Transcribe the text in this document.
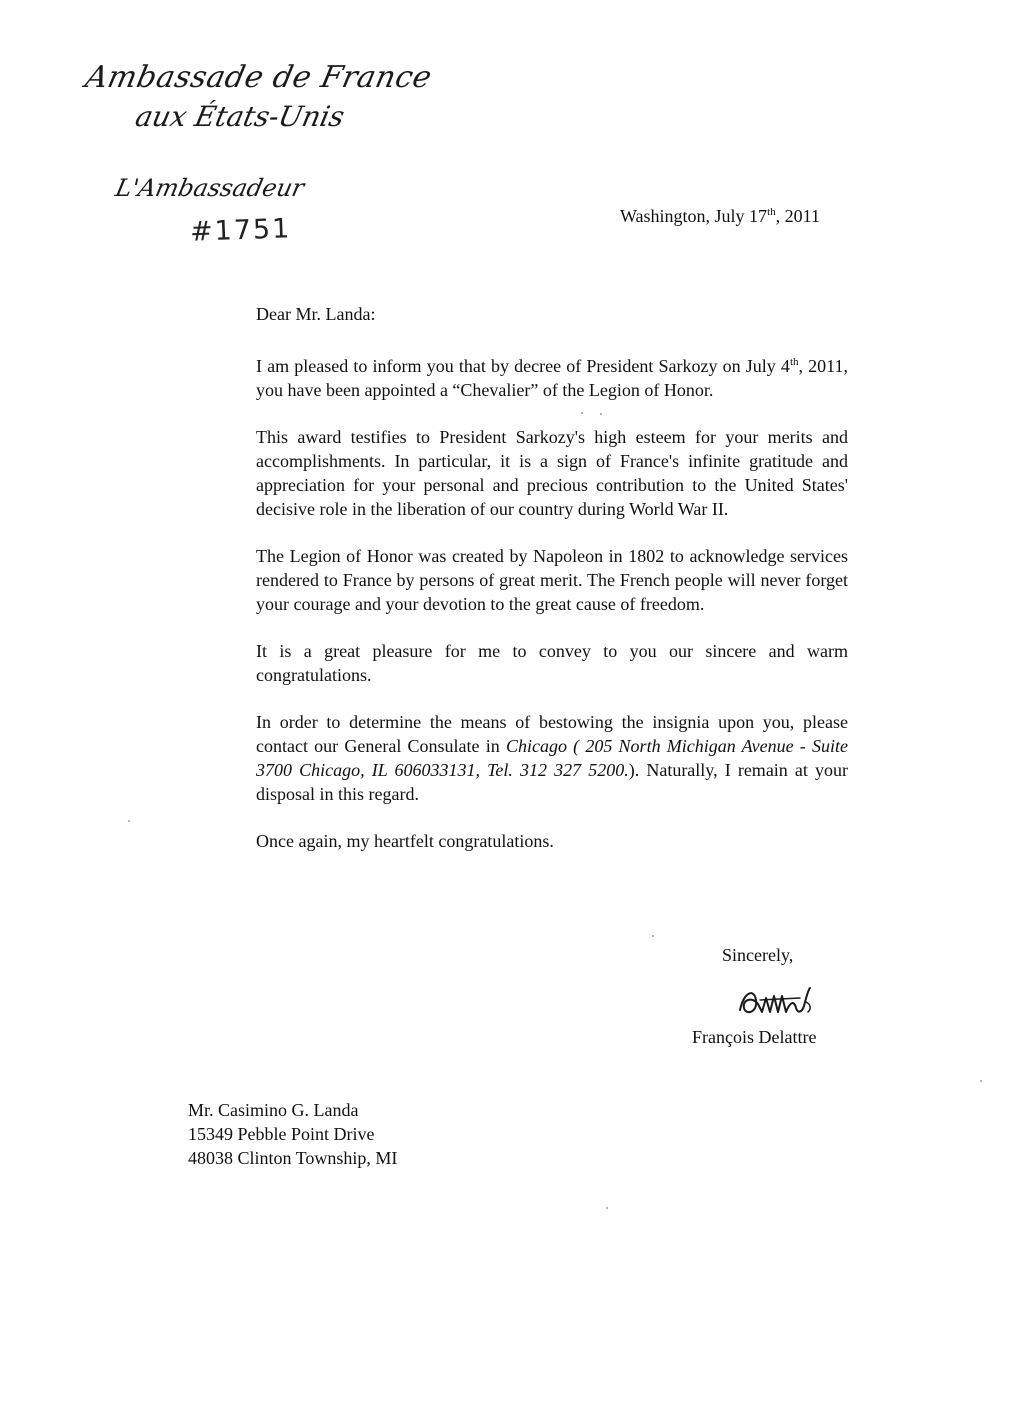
Ambassade de France
aux États-Unis
L'Ambassadeur
#1751	Washington, July 17th, 2011

Dear Mr. Landa:

I am pleased to inform you that by decree of President Sarkozy on July 4th, 2011, you have been appointed a “Chevalier” of the Legion of Honor.

This award testifies to President Sarkozy's high esteem for your merits and accomplishments. In particular, it is a sign of France's infinite gratitude and appreciation for your personal and precious contribution to the United States' decisive role in the liberation of our country during World War II.

The Legion of Honor was created by Napoleon in 1802 to acknowledge services rendered to France by persons of great merit. The French people will never forget your courage and your devotion to the great cause of freedom.

It is a great pleasure for me to convey to you our sincere and warm congratulations.

In order to determine the means of bestowing the insignia upon you, please contact our General Consulate in Chicago ( 205 North Michigan Avenue - Suite 3700 Chicago, IL 606033131, Tel. 312 327 5200.). Naturally, I remain at your disposal in this regard.

Once again, my heartfelt congratulations.

Sincerely,
François Delattre
Mr. Casimino G. Landa
15349 Pebble Point Drive
48038 Clinton Township, MI
